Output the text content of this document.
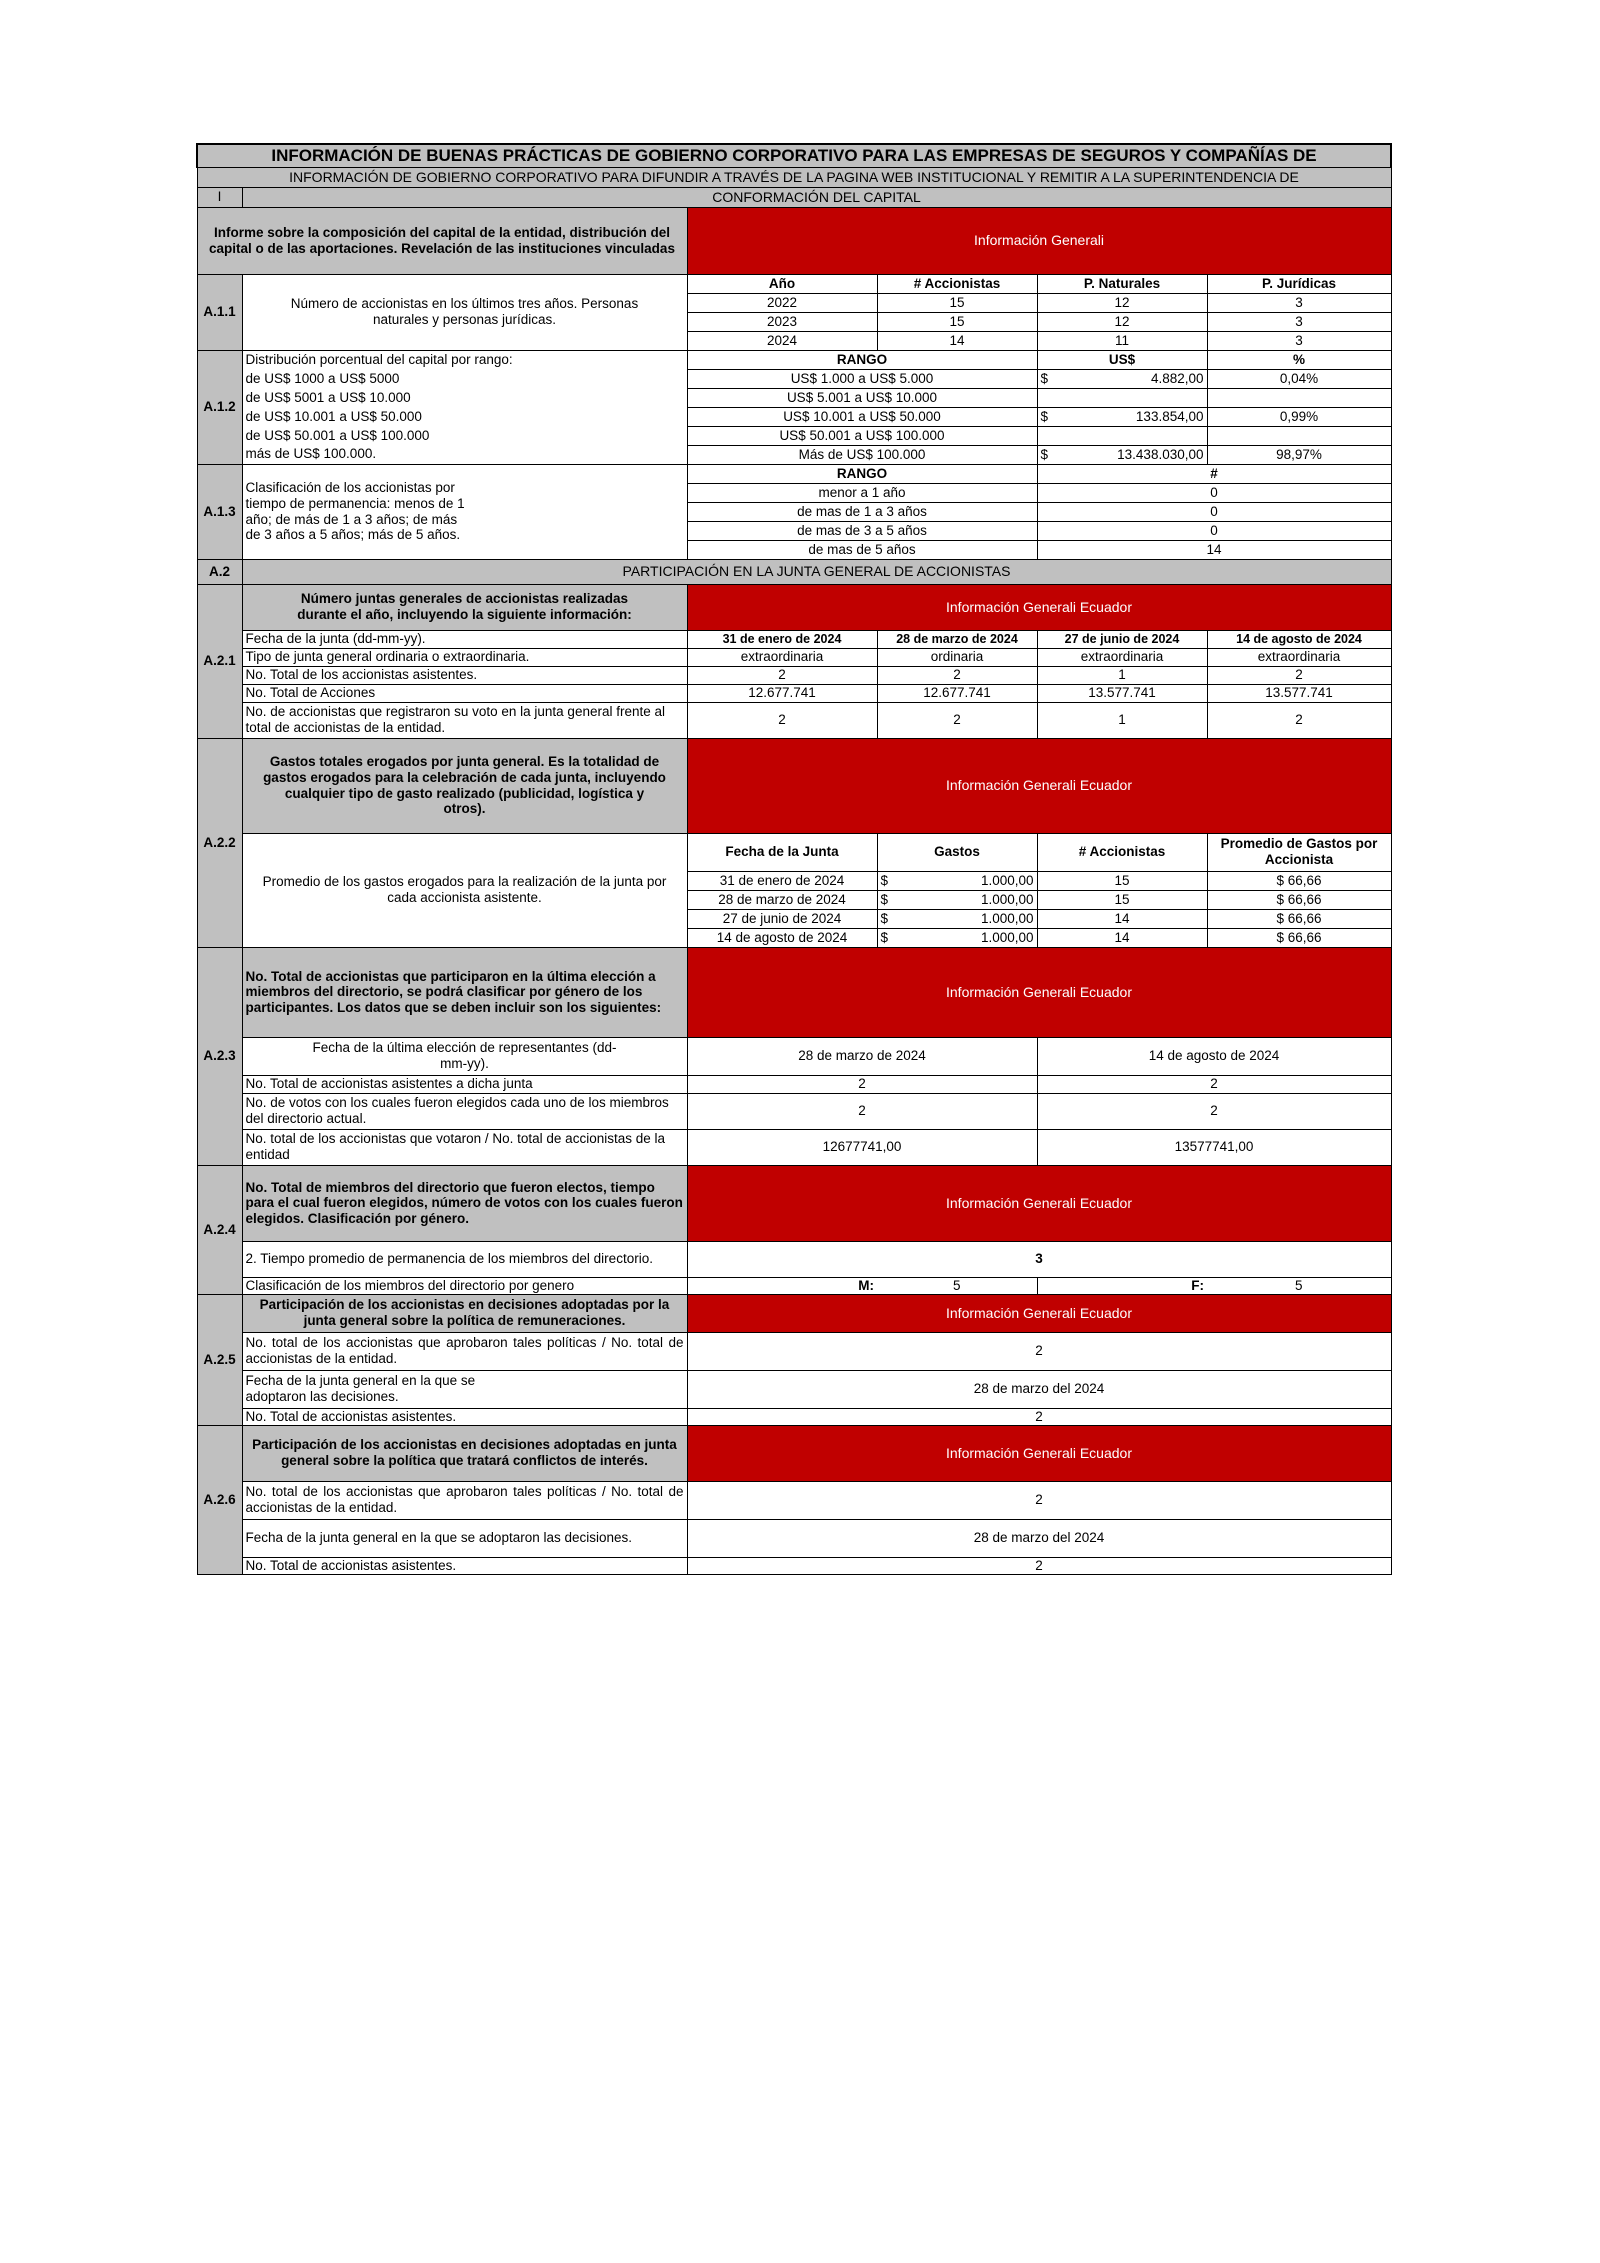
INFORMACIÓN DE BUENAS PRÁCTICAS DE GOBIERNO CORPORATIVO PARA LAS EMPRESAS DE SEGUROS Y COMPAÑÍAS DE					
INFORMACIÓN DE GOBIERNO CORPORATIVO PARA DIFUNDIR A TRAVÉS DE LA PAGINA WEB INSTITUCIONAL Y REMITIR A LA SUPERINTENDENCIA DE					
I	CONFORMACIÓN DEL CAPITAL				
Informe sobre la composición del capital de la entidad, distribución del capital o de las aportaciones. Revelación de las instituciones vinculadas		Información Generali			
A.1.1	Número de accionistas en los últimos tres años. Personas naturales y personas jurídicas.	Año	# Accionistas	P. Naturales	P. Jurídicas
		2022	15	12	3
		2023	15	12	3
		2024	14	11	3
A.1.2	Distribución porcentual del capital por rango:	RANGO		US$	%
	de US$ 1000 a US$ 5000	US$ 1.000 a US$ 5.000		$ 4.882,00	0,04%
	de US$ 5001 a US$ 10.000	US$ 5.001 a US$ 10.000		

	de US$ 10.001 a US$ 50.000	US$ 10.001 a US$ 50.000		$ 133.854,00	0,99%
	de US$ 50.001 a US$ 100.000	US$ 50.001 a US$ 100.000		

	más de US$ 100.000.	Más de US$ 100.000		$ 13.438.030,00	98,97%
A.1.3	Clasificación de los accionistas por
tiempo de permanencia: menos de 1
año; de más de 1 a 3 años; de más
de 3 años a 5 años; más de 5 años.	RANGO		#	
		menor a 1 año		0	
		de mas de 1 a 3 años		0	
		de mas de 3 a 5 años		0	
		de mas de 5 años		14	
A.2	PARTICIPACIÓN EN LA JUNTA GENERAL DE ACCIONISTAS				
A.2.1	Número juntas generales de accionistas realizadas durante el año, incluyendo la siguiente información:	Información Generali Ecuador			
	Fecha de la junta (dd-mm-yy).	31 de enero de 2024	28 de marzo de 2024	27 de junio de 2024	14 de agosto de 2024
	Tipo de junta general ordinaria o extraordinaria.	extraordinaria	ordinaria	extraordinaria	extraordinaria
	No. Total de los accionistas asistentes.	2	2	1	2
	No. Total de Acciones	12.677.741	12.677.741	13.577.741	13.577.741
	No. de accionistas que registraron su voto en la junta general frente al total de accionistas de la entidad.	2	2	1	2
A.2.2	Gastos totales erogados por junta general. Es la totalidad de gastos erogados para la celebración de cada junta, incluyendo cualquier tipo de gasto realizado (publicidad, logística y otros).	Información Generali Ecuador			
	Promedio de los gastos erogados para la realización de la junta por cada accionista asistente.	Fecha de la Junta	Gastos	# Accionistas	Promedio de Gastos por Accionista
		31 de enero de 2024	$ 1.000,00	15	$ 66,66
		28 de marzo de 2024	$ 1.000,00	15	$ 66,66
		27 de junio de 2024	$ 1.000,00	14	$ 66,66
		14 de agosto de 2024	$ 1.000,00	14	$ 66,66
A.2.3	No. Total de accionistas que participaron en la última elección a miembros del directorio, se podrá clasificar por género de los participantes. Los datos que se deben incluir son los siguientes:	Información Generali Ecuador			
	Fecha de la última elección de representantes (dd-mm-yy).	28 de marzo de 2024		14 de agosto de 2024	
	No. Total de accionistas asistentes a dicha junta	2		2	
	No. de votos con los cuales fueron elegidos cada uno de los miembros del directorio actual.	2		2	
	No. total de los accionistas que votaron / No. total de accionistas de la entidad	12677741,00		13577741,00	
A.2.4	No. Total de miembros del directorio que fueron electos, tiempo para el cual fueron elegidos, número de votos con los cuales fueron elegidos. Clasificación por género.	Información Generali Ecuador			
	2. Tiempo promedio de permanencia de los miembros del directorio.	3			
	Clasificación de los miembros del directorio por genero	M:	5	F:	5
A.2.5	Participación de los accionistas en decisiones adoptadas por la junta general sobre la política de remuneraciones.	Información Generali Ecuador			
	No. total de los accionistas que aprobaron tales políticas / No. total de accionistas de la entidad.	2			
	Fecha de la junta general en la que se adoptaron las decisiones.	28 de marzo del 2024			
	No. Total de accionistas asistentes.	2			
A.2.6	Participación de los accionistas en decisiones adoptadas en junta general sobre la política que tratará conflictos de interés.	Información Generali Ecuador			
	No. total de los accionistas que aprobaron tales políticas / No. total de accionistas de la entidad.	2			
	Fecha de la junta general en la que se adoptaron las decisiones.	28 de marzo del 2024			
	No. Total de accionistas asistentes.	2			
